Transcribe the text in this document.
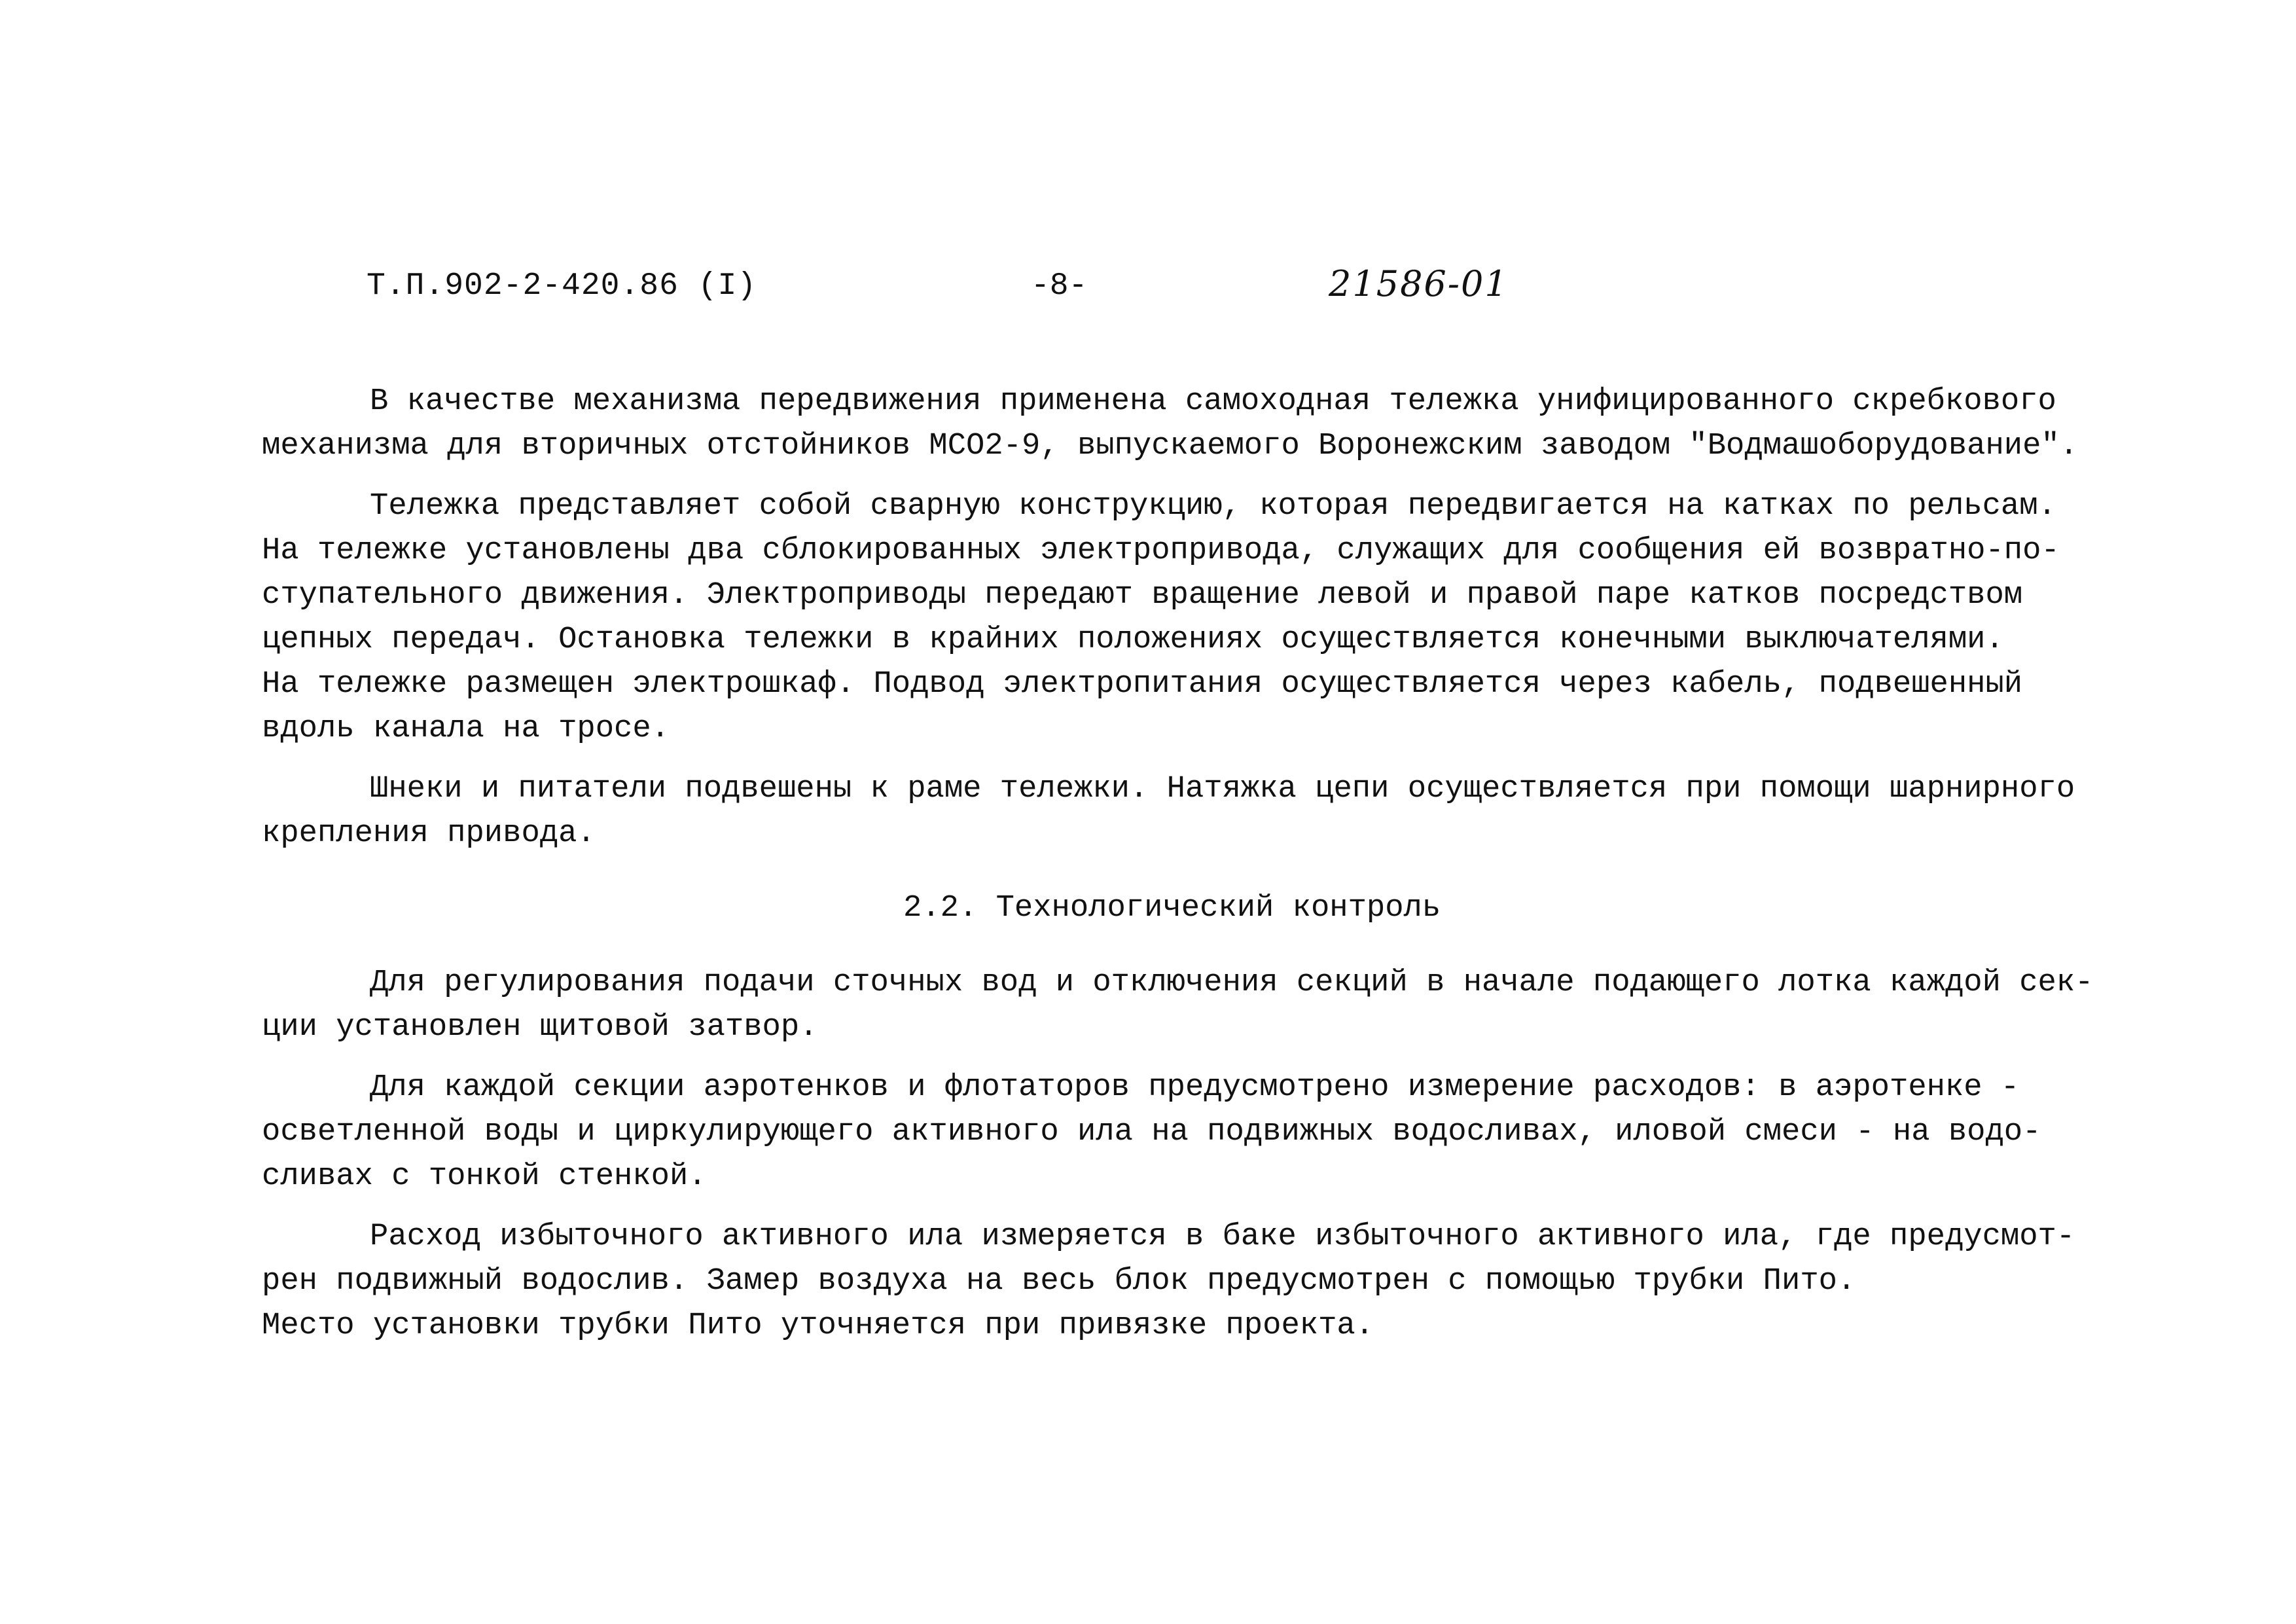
Т.П.902-2-420.86 (I)	-8-	21586-01
В качестве механизма передвижения применена самоходная тележка унифицированного скребкового
механизма для вторичных отстойников МСО2-9, выпускаемого Воронежским заводом "Водмашоборудование".
Тележка представляет собой сварную конструкцию, которая передвигается на катках по рельсам.
На тележке установлены два сблокированных электропривода, служащих для сообщения ей возвратно-по-
ступательного движения. Электроприводы передают вращение левой и правой паре катков посредством
цепных передач. Остановка тележки в крайних положениях осуществляется конечными выключателями.
На тележке размещен электрошкаф. Подвод электропитания осуществляется через кабель, подвешенный
вдоль канала на тросе.
Шнеки и питатели подвешены к раме тележки. Натяжка цепи осуществляется при помощи шарнирного
крепления привода.
2.2. Технологический контроль
Для регулирования подачи сточных вод и отключения секций в начале подающего лотка каждой сек-
ции установлен щитовой затвор.
Для каждой секции аэротенков и флотаторов предусмотрено измерение расходов: в аэротенке -
осветленной воды и циркулирующего активного ила на подвижных водосливах, иловой смеси - на водо-
сливах с тонкой стенкой.
Расход избыточного активного ила измеряется в баке избыточного активного ила, где предусмот-
рен подвижный водослив. Замер воздуха на весь блок предусмотрен с помощью трубки Пито.
Место установки трубки Пито уточняется при привязке проекта.
